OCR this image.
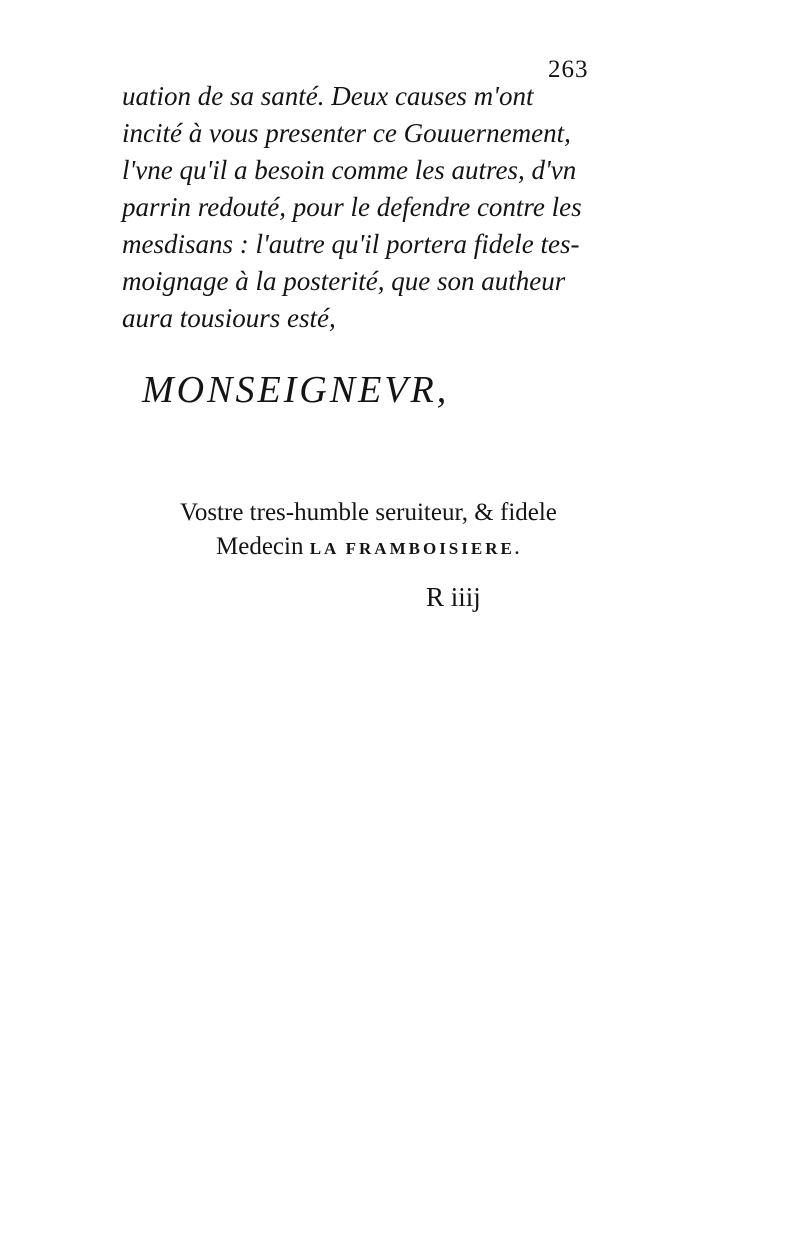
263
uation de sa santé. Deux causes m'ont
incité à vous presenter ce Gouuernement,
l'vne qu'il a besoin comme les autres, d'vn
parrin redouté, pour le defendre contre les
mesdisans : l'autre qu'il portera fidele tes-
moignage à la posterité, que son autheur
aura tousiours esté,
MONSEIGNEVR,
Vostre tres-humble seruiteur, & fidele
Medecin LA FRAMBOISIERE.
R iiij
